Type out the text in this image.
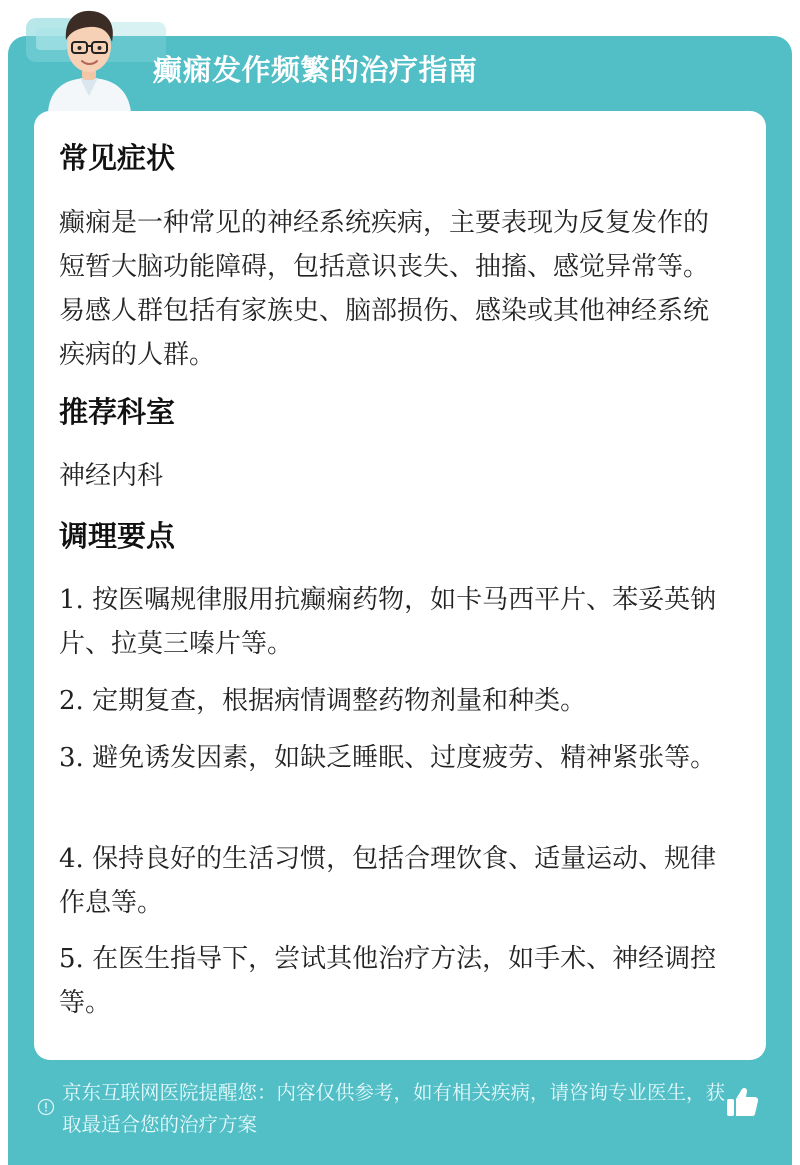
癫痫发作频繁的治疗指南
常见症状
癫痫是一种常见的神经系统疾病，主要表现为反复发作的短暂大脑功能障碍，包括意识丧失、抽搐、感觉异常等。易感人群包括有家族史、脑部损伤、感染或其他神经系统疾病的人群。
推荐科室
神经内科
调理要点
1. 按医嘱规律服用抗癫痫药物，如卡马西平片、苯妥英钠片、拉莫三嗪片等。
2. 定期复查，根据病情调整药物剂量和种类。
3. 避免诱发因素，如缺乏睡眠、过度疲劳、精神紧张等。
4. 保持良好的生活习惯，包括合理饮食、适量运动、规律作息等。
5. 在医生指导下，尝试其他治疗方法，如手术、神经调控等。
京东互联网医院提醒您：内容仅供参考，如有相关疾病，请咨询专业医生，获取最适合您的治疗方案
